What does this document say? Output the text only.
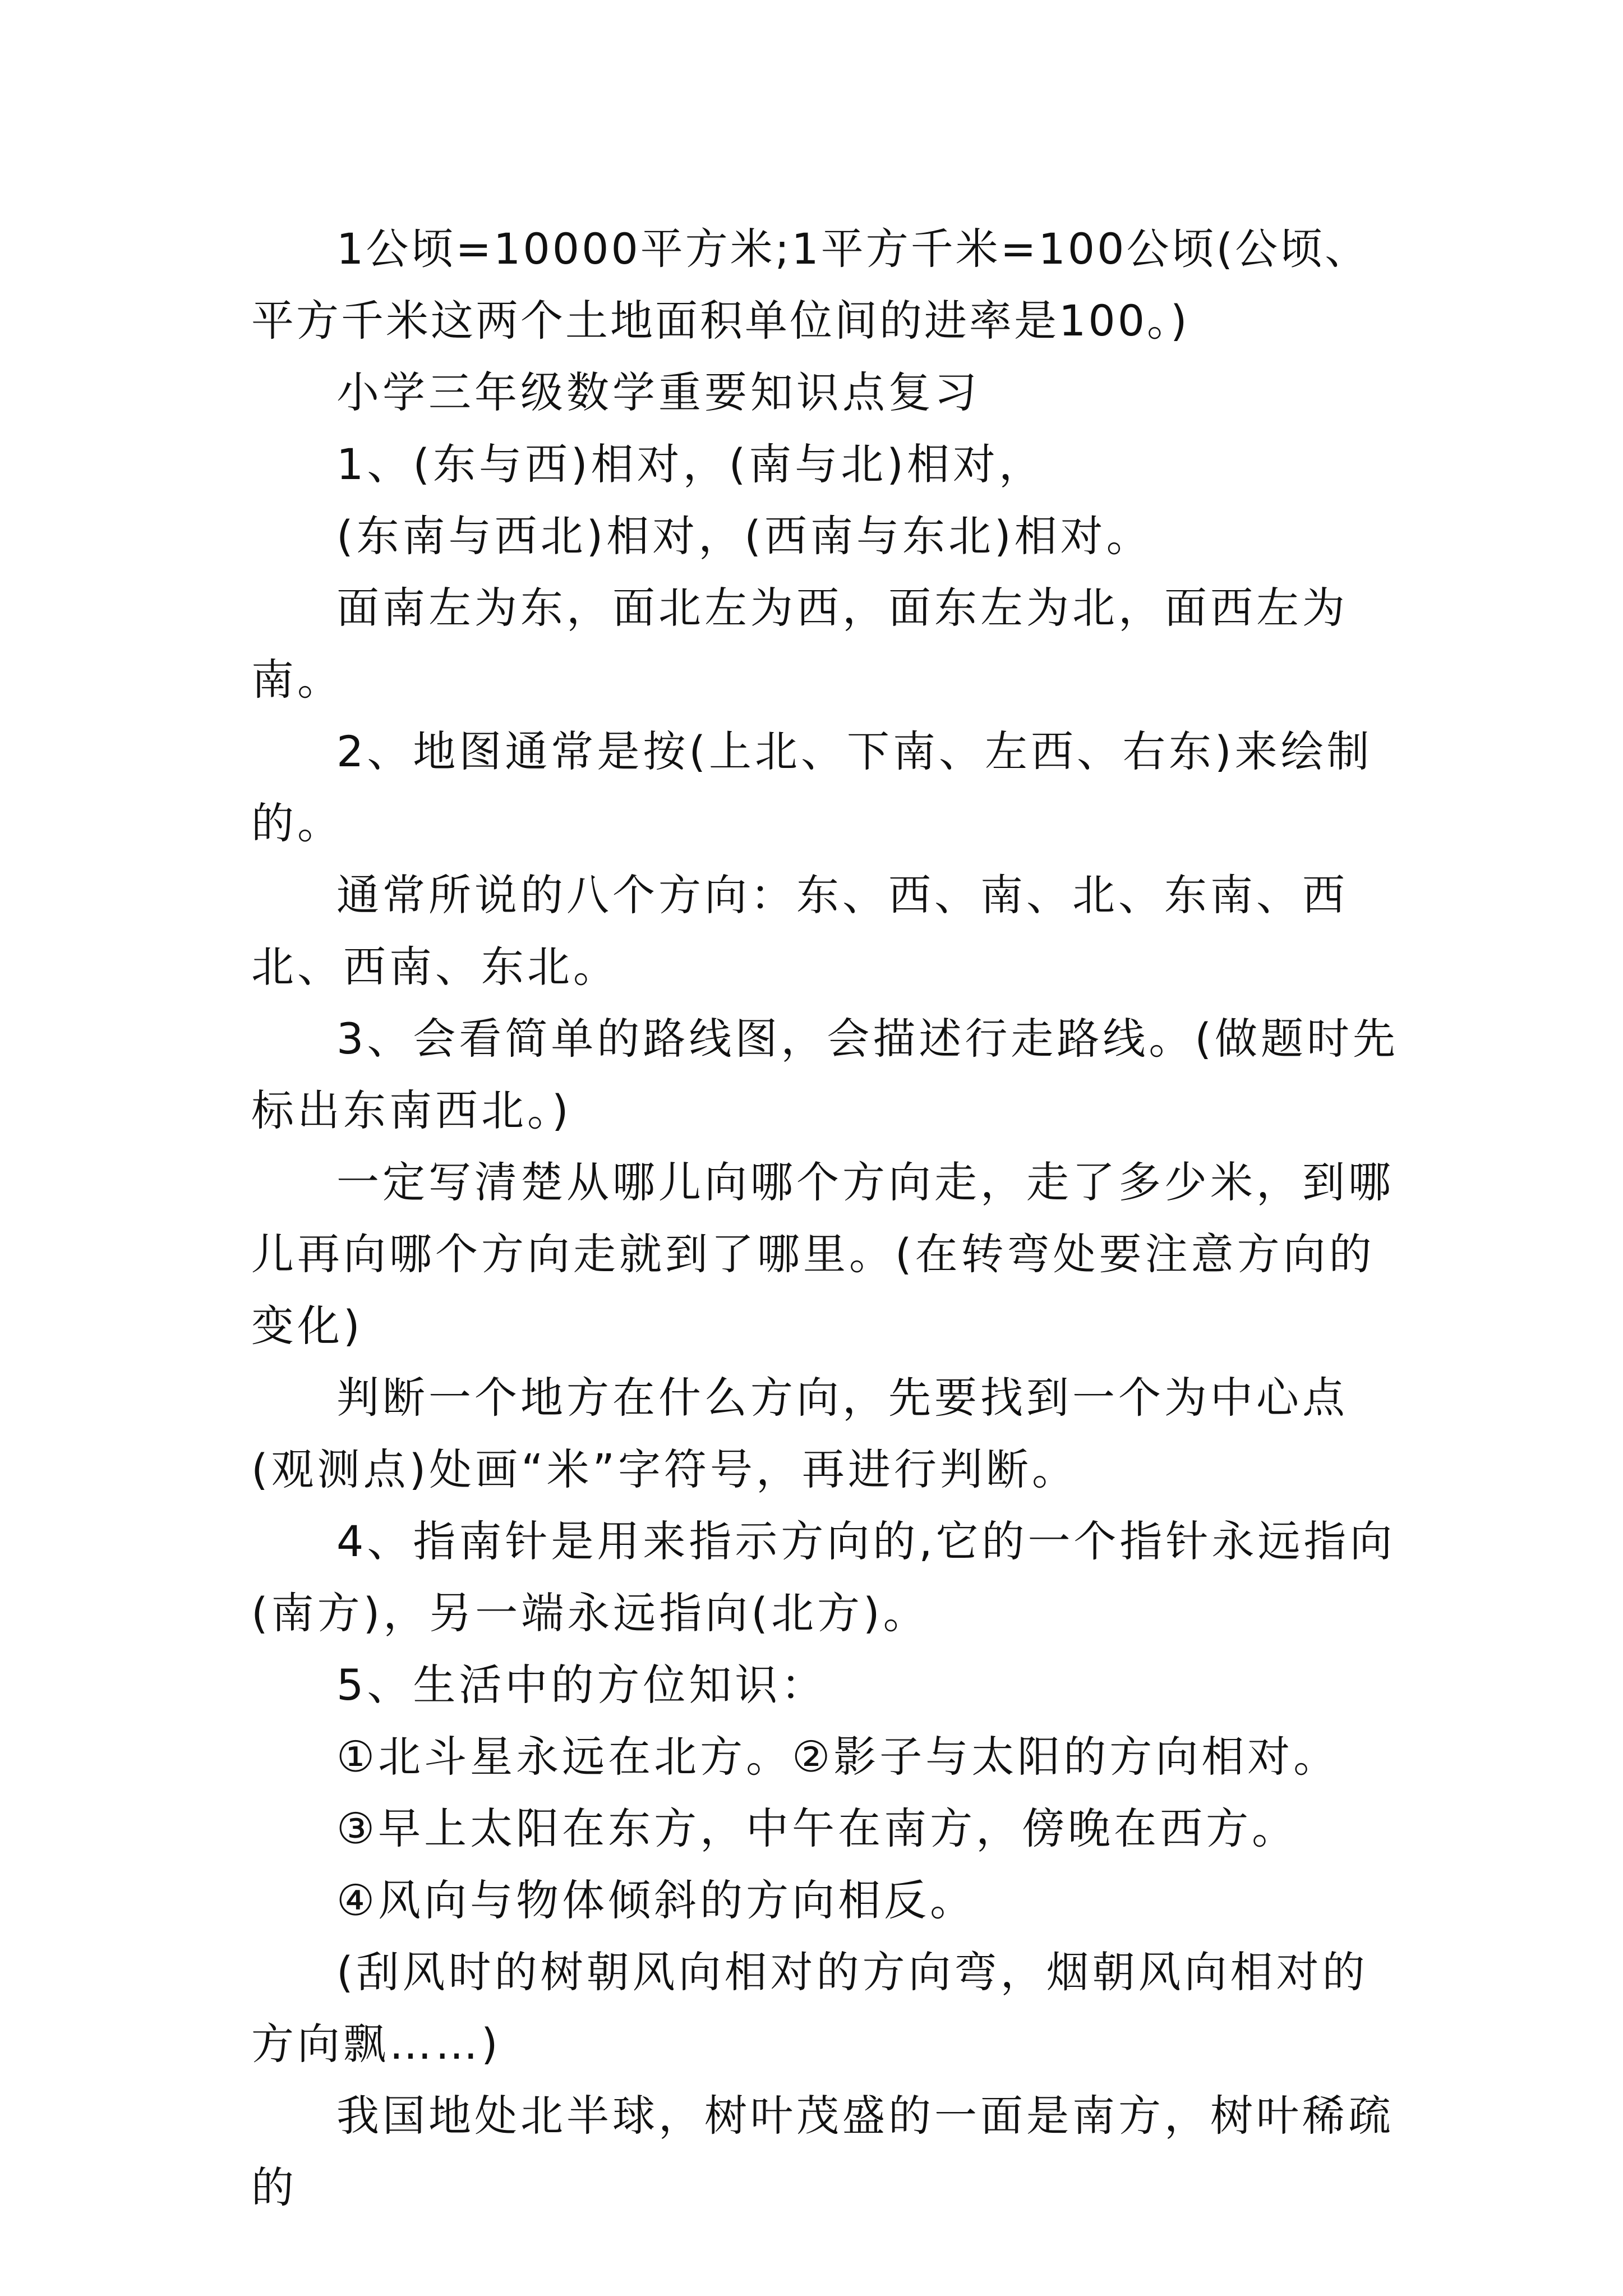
1公顷=10000平方米;1平方千米=100公顷(公顷、平方千米这两个土地面积单位间的进率是100。)

小学三年级数学重要知识点复习

1、(东与西)相对，(南与北)相对，

(东南与西北)相对，(西南与东北)相对。

面南左为东，面北左为西，面东左为北，面西左为南。

2、地图通常是按(上北、下南、左西、右东)来绘制的。

通常所说的八个方向：东、西、南、北、东南、西北、西南、东北。

3、会看简单的路线图，会描述行走路线。(做题时先标出东南西北。)

一定写清楚从哪儿向哪个方向走，走了多少米，到哪儿再向哪个方向走就到了哪里。(在转弯处要注意方向的变化)

判断一个地方在什么方向，先要找到一个为中心点(观测点)处画“米”字符号，再进行判断。

4、指南针是用来指示方向的,它的一个指针永远指向(南方)，另一端永远指向(北方)。

5、生活中的方位知识：

①北斗星永远在北方。②影子与太阳的方向相对。

③早上太阳在东方，中午在南方，傍晚在西方。

④风向与物体倾斜的方向相反。

(刮风时的树朝风向相对的方向弯，烟朝风向相对的方向飘……)

我国地处北半球，树叶茂盛的一面是南方，树叶稀疏的
